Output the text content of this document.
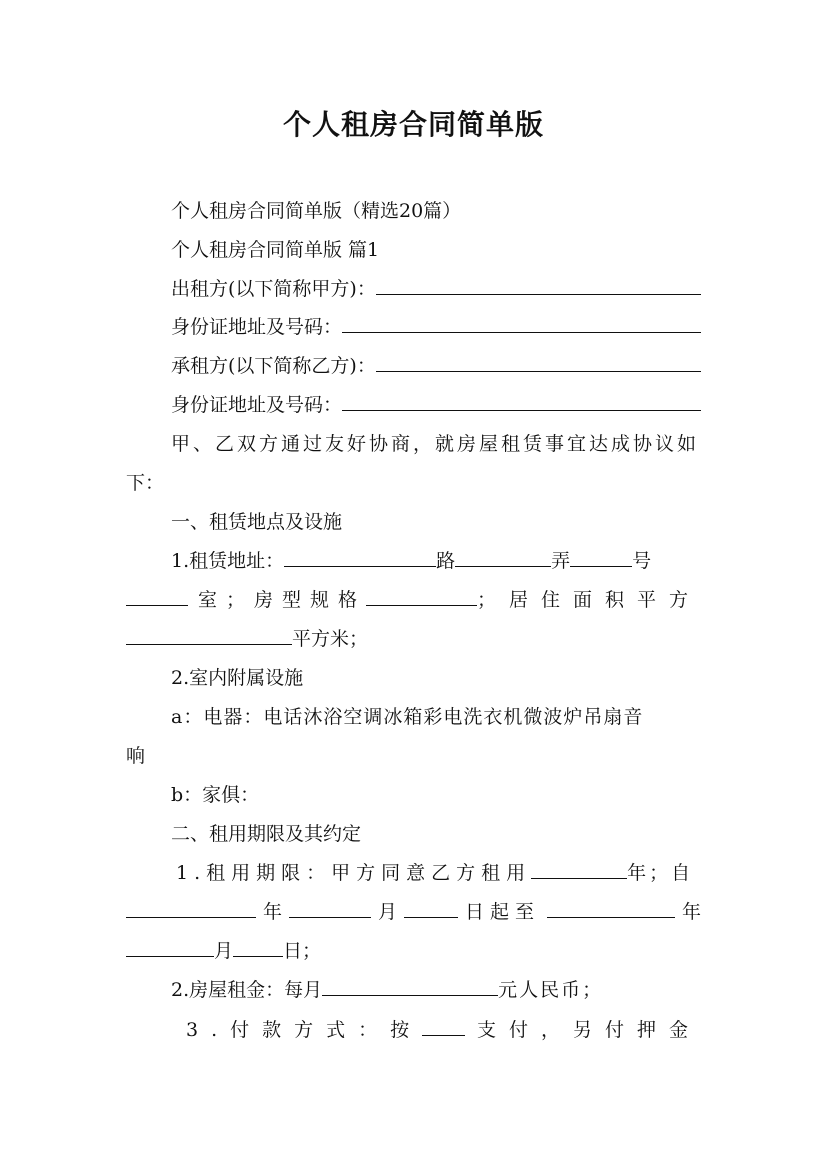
个人租房合同简单版
个人租房合同简单版（精选20篇）
个人租房合同简单版 篇1
出租方(以下简称甲方)：
身份证地址及号码：
承租方(以下简称乙方)：
身份证地址及号码：
甲、乙双方通过友好协商，就房屋租赁事宜达成协议如
下：
一、租赁地点及设施
1.租赁地址：	路	弄	号
室；房型规格	；居住面积平方
平方米；
2.室内附属设施
a：电器：电话沐浴空调冰箱彩电洗衣机微波炉吊扇音
响
b：家俱：
二、租用期限及其约定
1.租用期限：甲方同意乙方租用	年；自
年	月	日起至	年
月	日；
2.房屋租金：每月	元人民币；
3.付款方式：按	支付，另付押金
